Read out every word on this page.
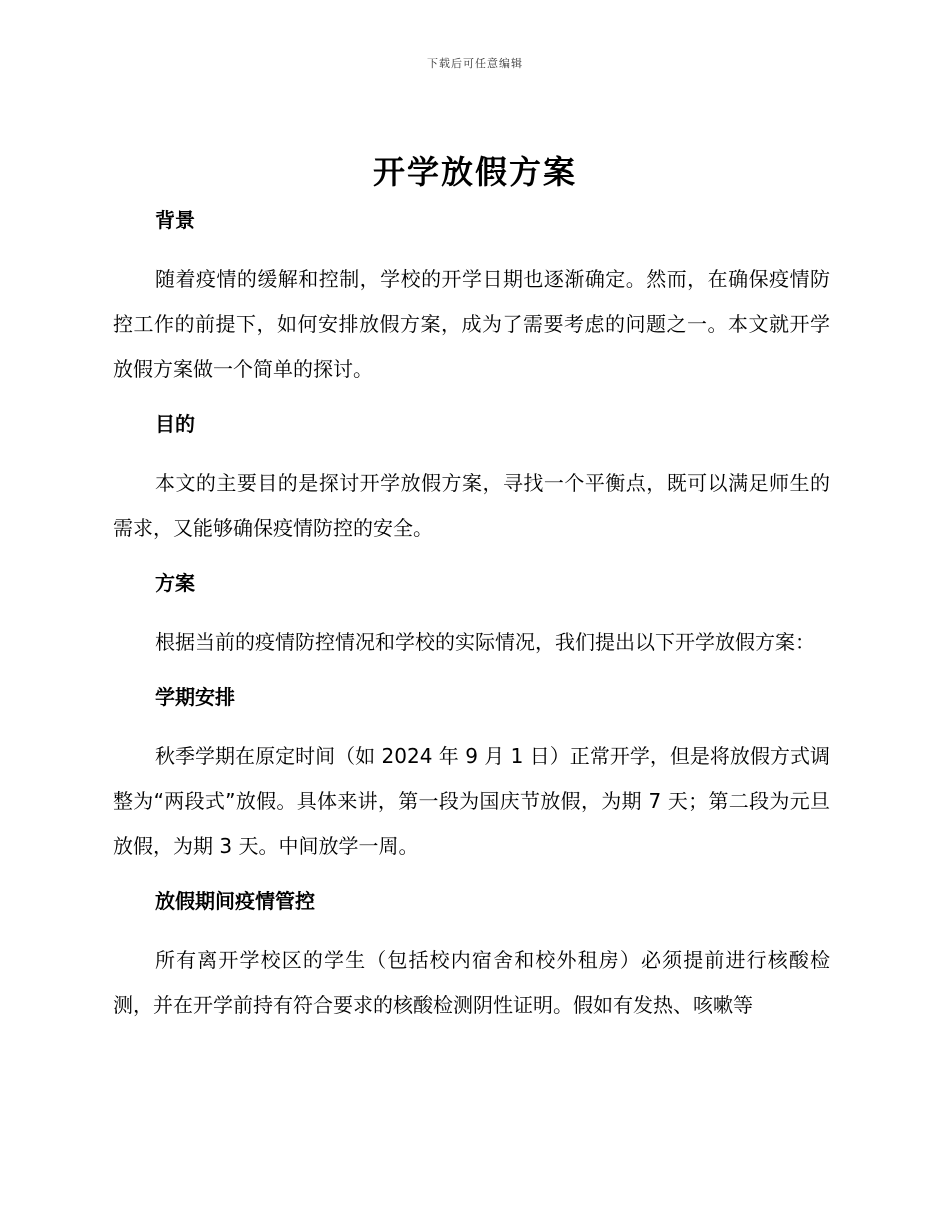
下载后可任意编辑
开学放假方案
背景

随着疫情的缓解和控制，学校的开学日期也逐渐确定。然而，在确保疫情防控工作的前提下，如何安排放假方案，成为了需要考虑的问题之一。本文就开学放假方案做一个简单的探讨。

目的

本文的主要目的是探讨开学放假方案，寻找一个平衡点，既可以满足师生的需求，又能够确保疫情防控的安全。

方案

根据当前的疫情防控情况和学校的实际情况，我们提出以下开学放假方案：

学期安排

秋季学期在原定时间（如 2024 年 9 月 1 日）正常开学，但是将放假方式调整为“两段式”放假。具体来讲，第一段为国庆节放假，为期 7 天；第二段为元旦放假，为期 3 天。中间放学一周。

放假期间疫情管控

所有离开学校区的学生（包括校内宿舍和校外租房）必须提前进行核酸检测，并在开学前持有符合要求的核酸检测阴性证明。假如有发热、咳嗽等
